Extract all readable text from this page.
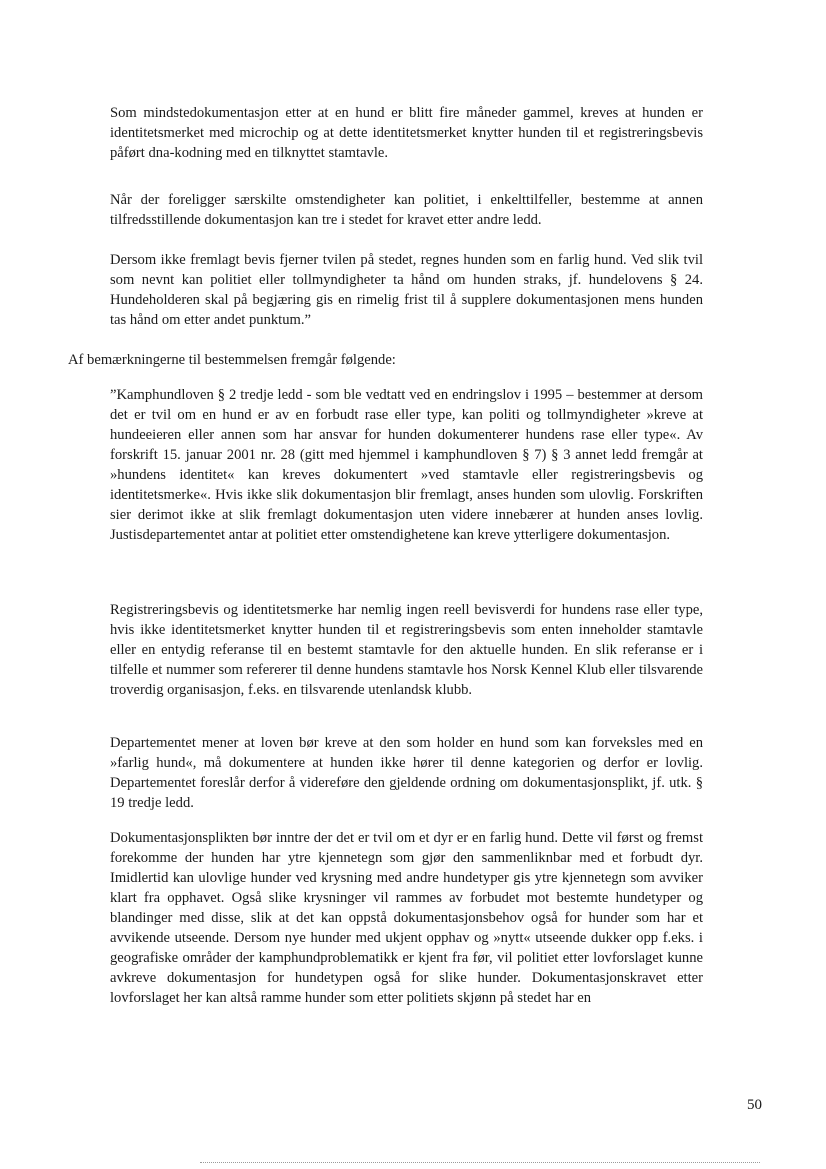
Som mindstedokumentasjon etter at en hund er blitt fire måneder gammel, kreves at hunden er identitetsmerket med microchip og at dette identitetsmerket knytter hunden til et registreringsbevis påført dna-kodning med en tilknyttet stamtavle.

Når der foreligger særskilte omstendigheter kan politiet, i enkelttilfeller, bestemme at annen tilfredsstillende dokumentasjon kan tre i stedet for kravet etter andre ledd.

Dersom ikke fremlagt bevis fjerner tvilen på stedet, regnes hunden som en farlig hund. Ved slik tvil som nevnt kan politiet eller tollmyndigheter ta hånd om hunden straks, jf. hundelovens § 24. Hundeholderen skal på begjæring gis en rimelig frist til å supplere dokumentasjonen mens hunden tas hånd om etter andet punktum.”

Af bemærkningerne til bestemmelsen fremgår følgende:

”Kamphundloven § 2 tredje ledd - som ble vedtatt ved en endringslov i 1995 – bestemmer at dersom det er tvil om en hund er av en forbudt rase eller type, kan politi og tollmyndigheter »kreve at hundeeieren eller annen som har ansvar for hunden dokumenterer hundens rase eller type«. Av forskrift 15. januar 2001 nr. 28 (gitt med hjemmel i kamphundloven § 7) § 3 annet ledd fremgår at »hundens identitet« kan kreves dokumentert »ved stamtavle eller registreringsbevis og identitetsmerke«. Hvis ikke slik dokumentasjon blir fremlagt, anses hunden som ulovlig. Forskriften sier derimot ikke at slik fremlagt dokumentasjon uten videre innebærer at hunden anses lovlig. Justisdepartementet antar at politiet etter omstendighetene kan kreve ytterligere dokumentasjon.

Registreringsbevis og identitetsmerke har nemlig ingen reell bevisverdi for hundens rase eller type, hvis ikke identitetsmerket knytter hunden til et registreringsbevis som enten inneholder stamtavle eller en entydig referanse til en bestemt stamtavle for den aktuelle hunden. En slik referanse er i tilfelle et nummer som refererer til denne hundens stamtavle hos Norsk Kennel Klub eller tilsvarende troverdig organisasjon, f.eks. en tilsvarende utenlandsk klubb.

Departementet mener at loven bør kreve at den som holder en hund som kan forveksles med en »farlig hund«, må dokumentere at hunden ikke hører til denne kategorien og derfor er lovlig. Departementet foreslår derfor å videreføre den gjeldende ordning om dokumentasjonsplikt, jf. utk. § 19 tredje ledd.

Dokumentasjonsplikten bør inntre der det er tvil om et dyr er en farlig hund. Dette vil først og fremst forekomme der hunden har ytre kjennetegn som gjør den sammenliknbar med et forbudt dyr. Imidlertid kan ulovlige hunder ved krysning med andre hundetyper gis ytre kjennetegn som avviker klart fra opphavet. Også slike krysninger vil rammes av forbudet mot bestemte hundetyper og blandinger med disse, slik at det kan oppstå dokumentasjonsbehov også for hunder som har et avvikende utseende. Dersom nye hunder med ukjent opphav og »nytt« utseende dukker opp f.eks. i geografiske områder der kamphundproblematikk er kjent fra før, vil politiet etter lovforslaget kunne avkreve dokumentasjon for hundetypen også for slike hunder. Dokumentasjonskravet etter lovforslaget her kan altså ramme hunder som etter politiets skjønn på stedet har en

50
